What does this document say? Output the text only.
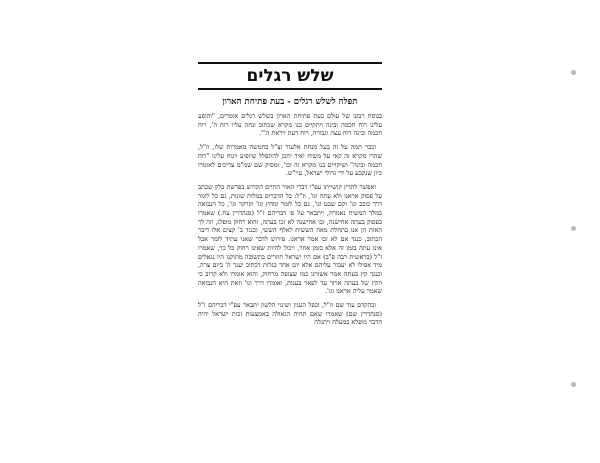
שלש רגלים
תפלה לשלש רגלים - בעת פתיחת הארון

בנוסח רבונו של עולם בעת פתיחת הארון בשלש רגלים אומרים, "והופע עלינו רוח חכמה ובינה ויתקיים בנו מקרא שכתוב ונחה עליו רוח ה', רוח חכמה ובינה רוח עצה וגבורה, רוח דעת ויראת ה'".

וכבר תמה על זה בעל מנחת אלעזר זצ"ל בחמשה מאמרות שלו, וז"ל, שהרי מקרא זה קאי על משיח ואיך יתכן להתפלל שיופיע וינוח עלינו "רוח חכמה ובינה" ושיקויים בנו מקרא זה וכו', ומסיק שם שמ"מ צריכים לאומרו כיון שנקבע על ידי גדולי ישראל, עיי"ש.

ואפשר לתרץ קושייתו עפ"י דברי האור החיים הקדוש בפרשת בלק שכתב על פסוק אראנו ולא עתה וגו', וז"ל: כל הדברים במלות שונות, גם כל לומר דרך כוכב וגו' וקם שבט וגו', גם כל לומר ומחץ וגו' וקרקר וגו', כל הנבואה במלך המשיח נאמרה, ויתבאר על פי דבריהם ז"ל (סנהדרין צח.) שאמרו בפסוק בעתה אחישנה, זכו אחישנה לא זכו בעתה, והוא רחוק מופלג, וזה לך האות הן אנו בתחלת מאה הששית לאלף הששי, וכנגד ב' קצים אלו דיבר הכתוב, כנגד אם לא זכו אמר אראנו. פירוש לדבר שאני עתיד לומר אבל אינו עתה בזמן זה אלא בזמן אחר, ויכול להיות שאינו רחוק כל כך, שאמרו ז"ל (בראשית רבה פ"ב) אם היו ישראל חוזרים בתשובה מתוקנו היו נגאלים מיד אפילו לא יעבור עליהם אלא יום אחד בגלות דכתיב יענך ה' ביום צרה, וכנגד קץ בעתה אמר אשורנו כמו שצופה מרחוק, והוא אומרו ולא קרוב כי הקץ של בעתה ארוך עד לפאר בענות, ואומרו דרך וגו' וזאת היא הנבואה שאמר עליה אראנו וגו'.

ובהקדם עוד שם וז"ל, וכפל הענין ושינוי הלשון יתבאר עפ"י דבריהם ז"ל (סנהדרין שם) שאמרו שאם תהיה הגאולה באמצעות זכות ישראל יהיה הדבר מופלא במעלה ויתגלה
